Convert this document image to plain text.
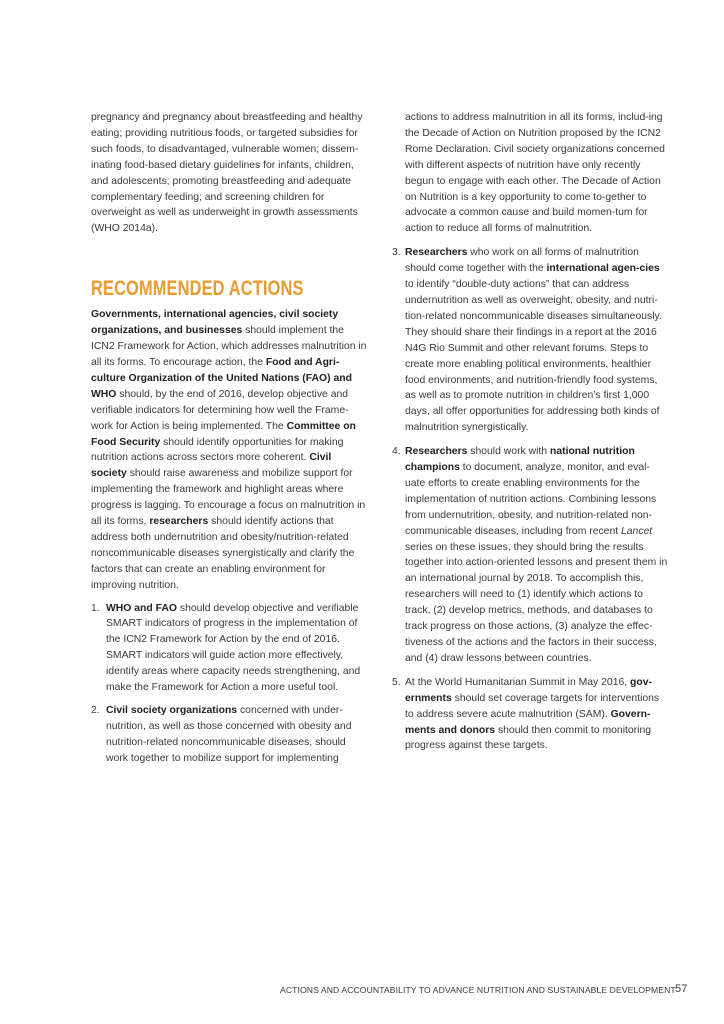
pregnancy and pregnancy about breastfeeding and healthy eating; providing nutritious foods, or targeted subsidies for such foods, to disadvantaged, vulnerable women; dissem-inating food-based dietary guidelines for infants, children, and adolescents; promoting breastfeeding and adequate complementary feeding; and screening children for overweight as well as underweight in growth assessments (WHO 2014a).

RECOMMENDED ACTIONS

Governments, international agencies, civil society organizations, and businesses should implement the ICN2 Framework for Action, which addresses malnutrition in all its forms. To encourage action, the Food and Agri-culture Organization of the United Nations (FAO) and WHO should, by the end of 2016, develop objective and verifiable indicators for determining how well the Frame-work for Action is being implemented. The Committee on Food Security should identify opportunities for making nutrition actions across sectors more coherent. Civil society should raise awareness and mobilize support for implementing the framework and highlight areas where progress is lagging. To encourage a focus on malnutrition in all its forms, researchers should identify actions that address both undernutrition and obesity/nutrition-related noncommunicable diseases synergistically and clarify the factors that can create an enabling environment for improving nutrition.

1. WHO and FAO should develop objective and verifiable SMART indicators of progress in the implementation of the ICN2 Framework for Action by the end of 2016. SMART indicators will guide action more effectively, identify areas where capacity needs strengthening, and make the Framework for Action a more useful tool.
2. Civil society organizations concerned with under-nutrition, as well as those concerned with obesity and nutrition-related noncommunicable diseases, should work together to mobilize support for implementing

actions to address malnutrition in all its forms, includ-ing the Decade of Action on Nutrition proposed by the ICN2 Rome Declaration. Civil society organizations concerned with different aspects of nutrition have only recently begun to engage with each other. The Decade of Action on Nutrition is a key opportunity to come to-gether to advocate a common cause and build momen-tum for action to reduce all forms of malnutrition.

3. Researchers who work on all forms of malnutrition should come together with the international agen-cies to identify “double-duty actions” that can address undernutrition as well as overweight, obesity, and nutri-tion-related noncommunicable diseases simultaneously. They should share their findings in a report at the 2016 N4G Rio Summit and other relevant forums. Steps to create more enabling political environments, healthier food environments, and nutrition-friendly food systems, as well as to promote nutrition in children’s first 1,000 days, all offer opportunities for addressing both kinds of malnutrition synergistically.
4. Researchers should work with national nutrition champions to document, analyze, monitor, and eval-uate efforts to create enabling environments for the implementation of nutrition actions. Combining lessons from undernutrition, obesity, and nutrition-related non-communicable diseases, including from recent Lancet series on these issues, they should bring the results together into action-oriented lessons and present them in an international journal by 2018. To accomplish this, researchers will need to (1) identify which actions to track, (2) develop metrics, methods, and databases to track progress on those actions, (3) analyze the effec-tiveness of the actions and the factors in their success, and (4) draw lessons between countries.
5. At the World Humanitarian Summit in May 2016, gov-ernments should set coverage targets for interventions to address severe acute malnutrition (SAM). Govern-ments and donors should then commit to monitoring progress against these targets.
ACTIONS AND ACCOUNTABILITY TO ADVANCE NUTRITION AND SUSTAINABLE DEVELOPMENT 57
